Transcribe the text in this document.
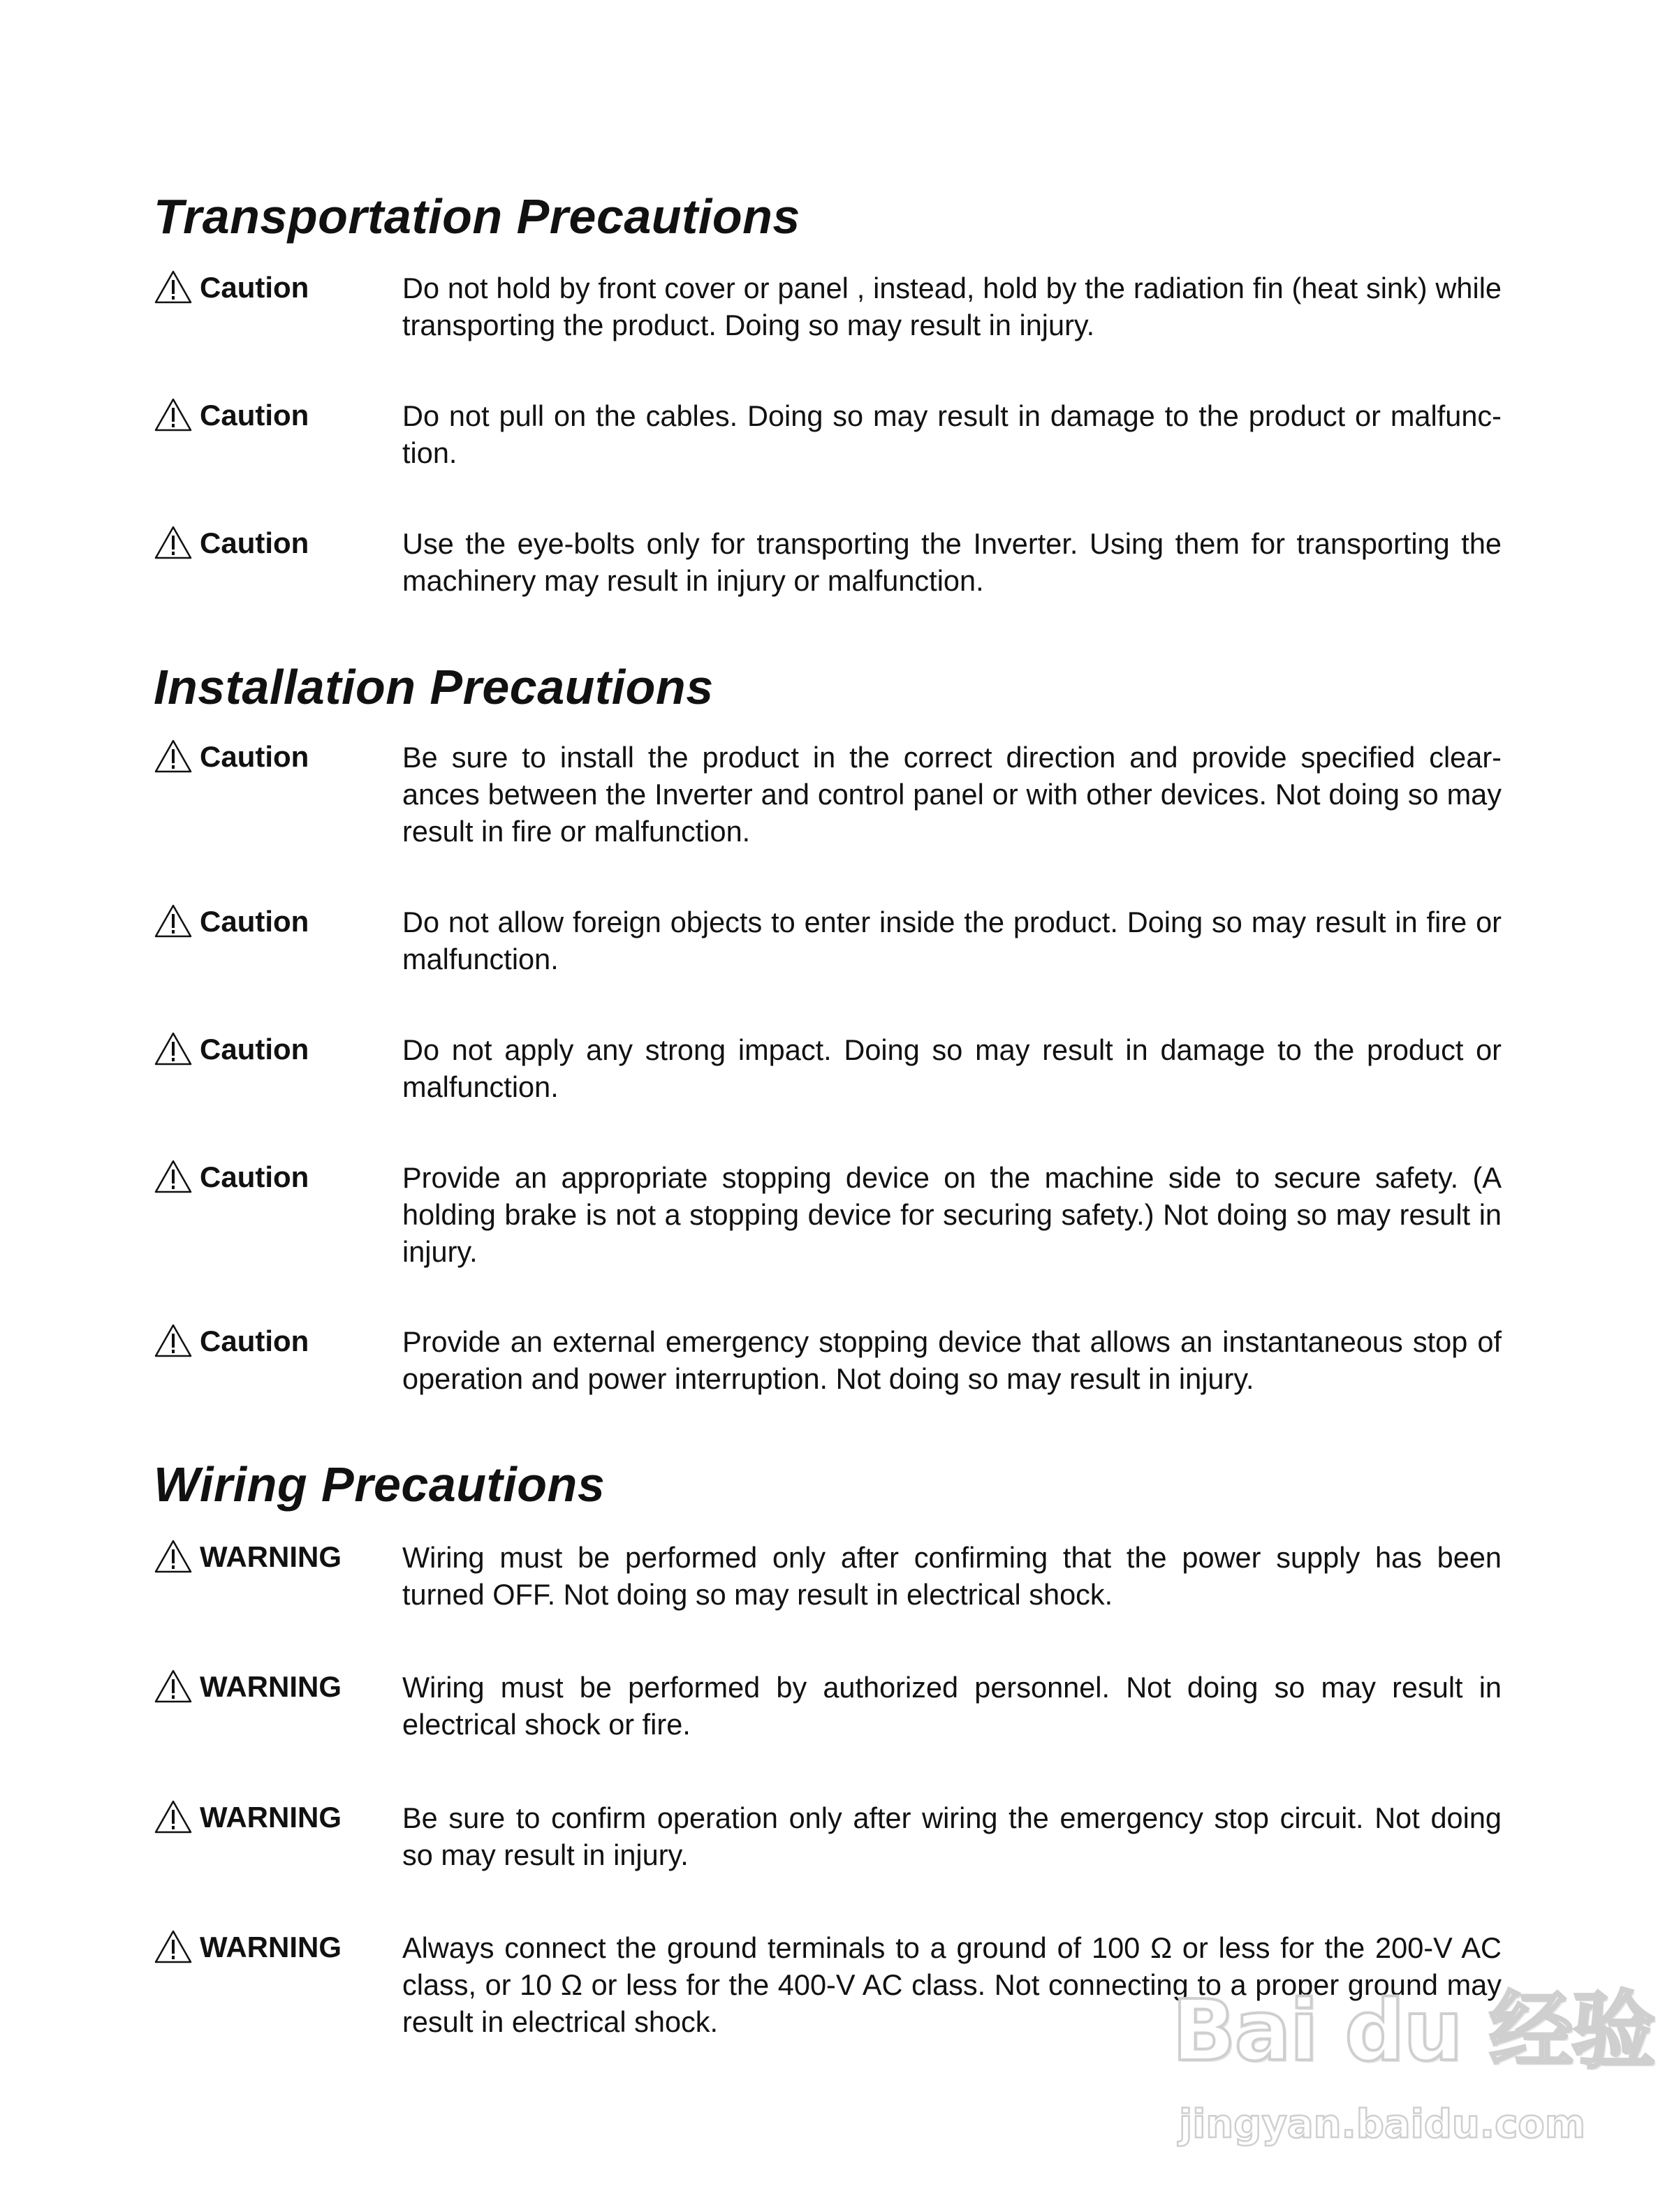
Transportation Precautions
Caution	Do not hold by front cover or panel , instead, hold by the radiation fin (heat sink) while transporting the product. Doing so may result in injury.

Caution	Do not pull on the cables. Doing so may result in damage to the product or malfunc-tion.

Caution	Use the eye-bolts only for transporting the Inverter. Using them for transporting the machinery may result in injury or malfunction.

Installation Precautions
Caution	Be sure to install the product in the correct direction and provide specified clear-ances between the Inverter and control panel or with other devices. Not doing so may result in fire or malfunction.

Caution	Do not allow foreign objects to enter inside the product. Doing so may result in fire or malfunction.

Caution	Do not apply any strong impact. Doing so may result in damage to the product or malfunction.

Caution	Provide an appropriate stopping device on the machine side to secure safety. (A holding brake is not a stopping device for securing safety.) Not doing so may result in injury.

Caution	Provide an external emergency stopping device that allows an instantaneous stop of operation and power interruption. Not doing so may result in injury.

Wiring Precautions
WARNING Wiring must be performed only after confirming that the power supply has been turned OFF. Not doing so may result in electrical shock.

WARNING Wiring must be performed by authorized personnel. Not doing so may result in electrical shock or fire.

WARNING Be sure to confirm operation only after wiring the emergency stop circuit. Not doing so may result in injury.

WARNING Always connect the ground terminals to a ground of 100 Ω or less for the 200-V AC class, or 10 Ω or less for the 400-V AC class. Not connecting to a proper ground may result in electrical shock.	Bai du 经验
jingyan.baidu.com
